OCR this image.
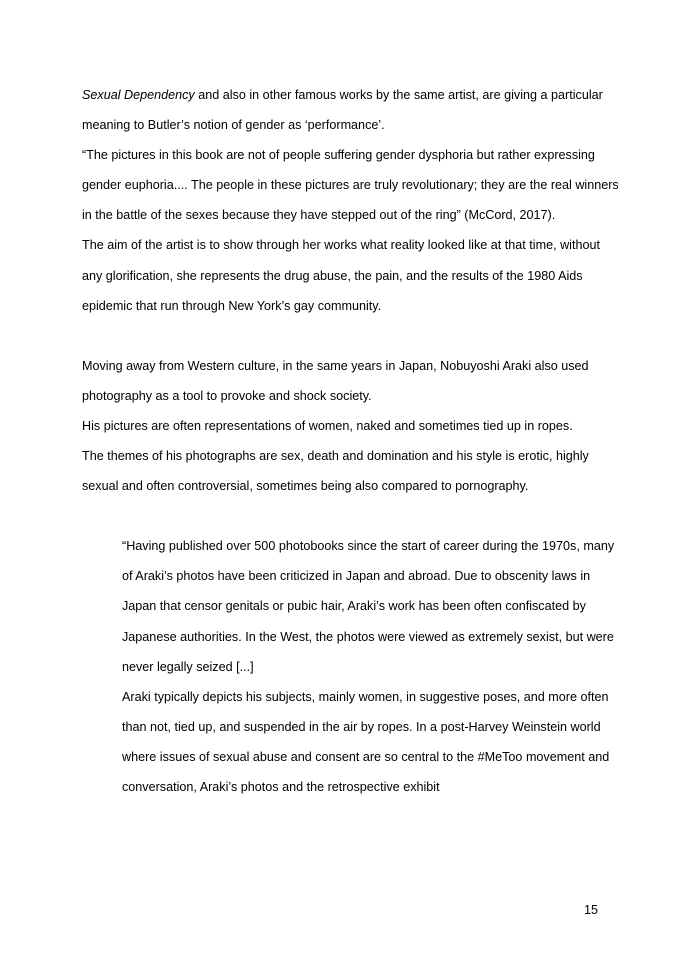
Sexual Dependency and also in other famous works by the same artist, are giving a particular meaning to Butler’s notion of gender as ‘performance’.

“The pictures in this book are not of people suffering gender dysphoria but rather expressing gender euphoria.... The people in these pictures are truly revolutionary; they are the real winners in the battle of the sexes because they have stepped out of the ring” (McCord, 2017).

The aim of the artist is to show through her works what reality looked like at that time, without any glorification, she represents the drug abuse, the pain, and the results of the 1980 Aids epidemic that run through New York’s gay community.

Moving away from Western culture, in the same years in Japan, Nobuyoshi Araki also used photography as a tool to provoke and shock society.

His pictures are often representations of women, naked and sometimes tied up in ropes.

The themes of his photographs are sex, death and domination and his style is erotic, highly sexual and often controversial, sometimes being also compared to pornography.

“Having published over 500 photobooks since the start of career during the 1970s, many of Araki’s photos have been criticized in Japan and abroad. Due to obscenity laws in Japan that censor genitals or pubic hair, Araki’s work has been often confiscated by Japanese authorities. In the West, the photos were viewed as extremely sexist, but were never legally seized [...]

Araki typically depicts his subjects, mainly women, in suggestive poses, and more often than not, tied up, and suspended in the air by ropes. In a post-Harvey Weinstein world where issues of sexual abuse and consent are so central to the #MeToo movement and conversation, Araki’s photos and the retrospective exhibit

15
